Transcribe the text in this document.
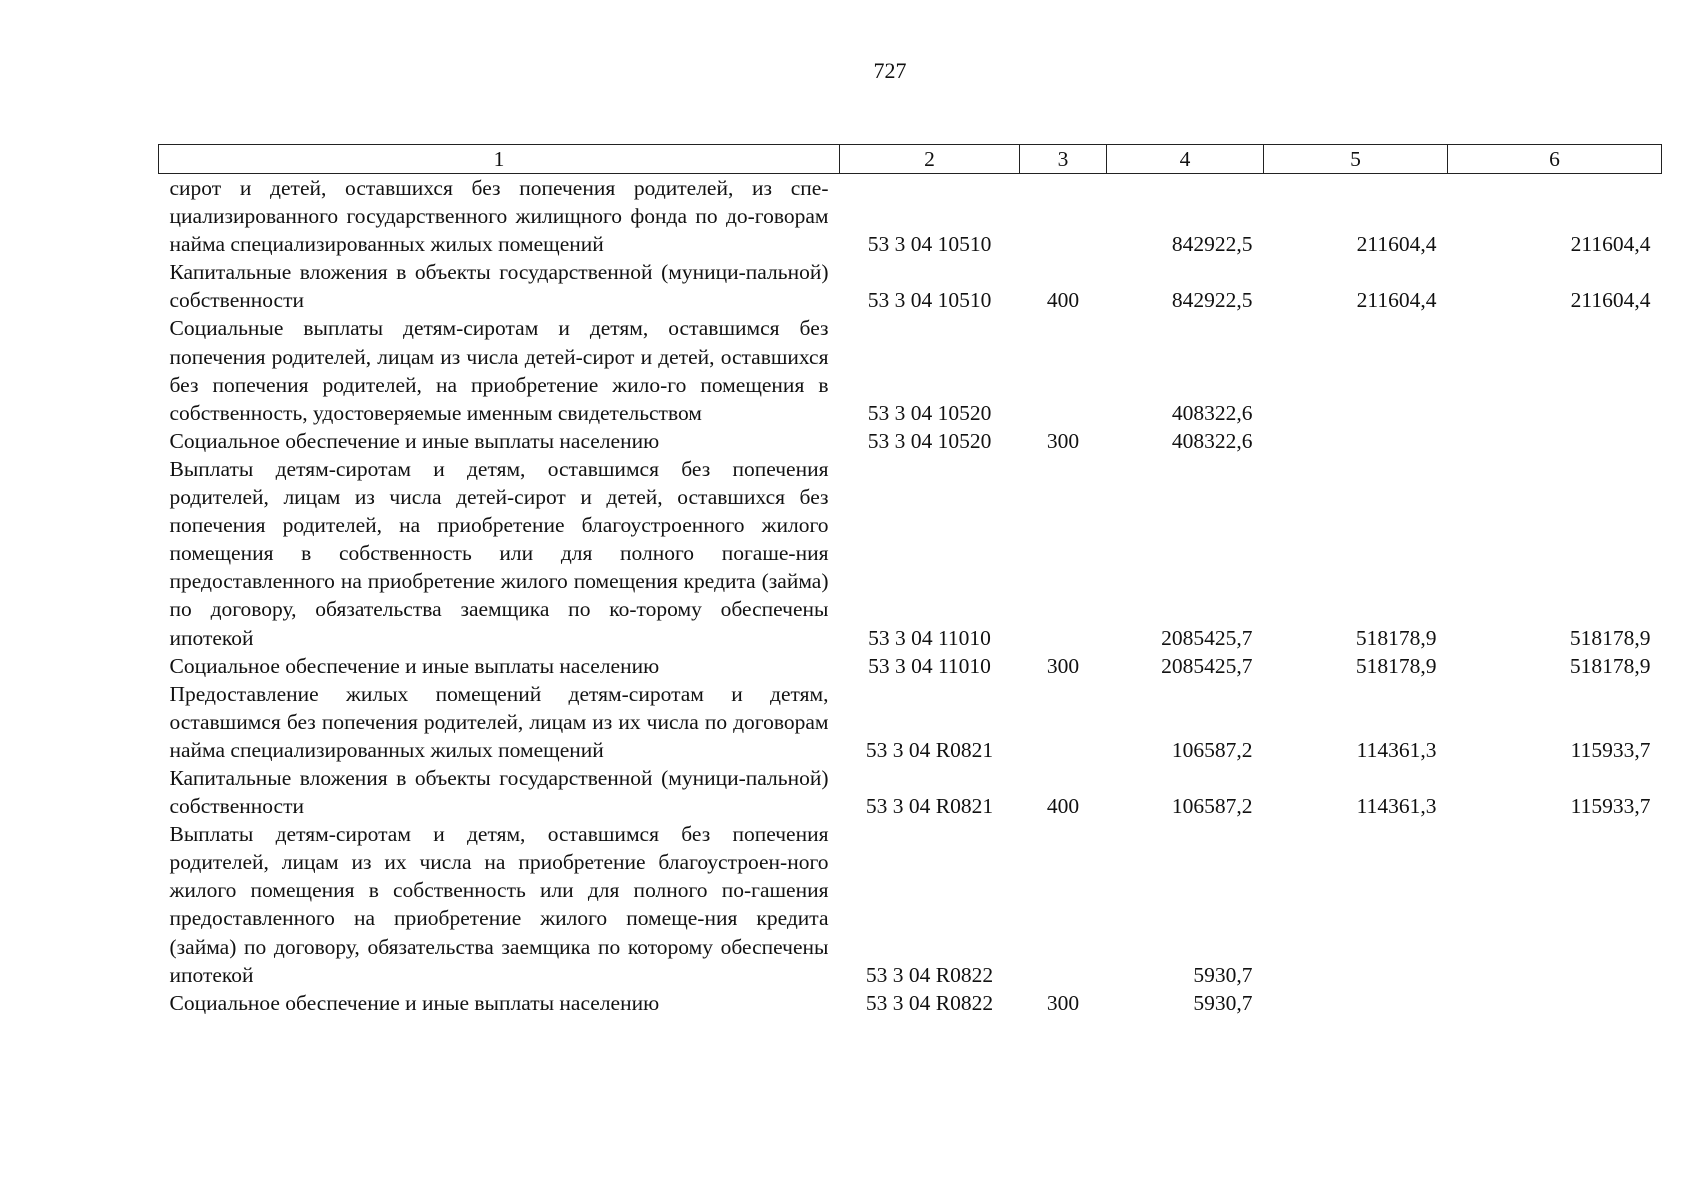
727
1	2	3	4	5	6
сирот и детей, оставшихся без попечения родителей, из спе-циализированного государственного жилищного фонда по до-говорам найма специализированных жилых помещений	53 3 04 10510		842922,5	211604,4	211604,4
Капитальные вложения в объекты государственной (муници-пальной) собственности	53 3 04 10510	400	842922,5	211604,4	211604,4
Социальные выплаты детям-сиротам и детям, оставшимся без попечения родителей, лицам из числа детей-сирот и детей, оставшихся без попечения родителей, на приобретение жило-го помещения в собственность, удостоверяемые именным свидетельством	53 3 04 10520		408322,6		
Социальное обеспечение и иные выплаты населению	53 3 04 10520	300	408322,6		
Выплаты детям-сиротам и детям, оставшимся без попечения родителей, лицам из числа детей-сирот и детей, оставшихся без попечения родителей, на приобретение благоустроенного жилого помещения в собственность или для полного погаше-ния предоставленного на приобретение жилого помещения кредита (займа) по договору, обязательства заемщика по ко-торому обеспечены ипотекой	53 3 04 11010		2085425,7	518178,9	518178,9
Социальное обеспечение и иные выплаты населению	53 3 04 11010	300	2085425,7	518178,9	518178,9
Предоставление жилых помещений детям-сиротам и детям, оставшимся без попечения родителей, лицам из их числа по договорам найма специализированных жилых помещений	53 3 04 R0821		106587,2	114361,3	115933,7
Капитальные вложения в объекты государственной (муници-пальной) собственности	53 3 04 R0821	400	106587,2	114361,3	115933,7
Выплаты детям-сиротам и детям, оставшимся без попечения родителей, лицам из их числа на приобретение благоустроен-ного жилого помещения в собственность или для полного по-гашения предоставленного на приобретение жилого помеще-ния кредита (займа) по договору, обязательства заемщика по которому обеспечены ипотекой	53 3 04 R0822		5930,7		
Социальное обеспечение и иные выплаты населению	53 3 04 R0822	300	5930,7		
